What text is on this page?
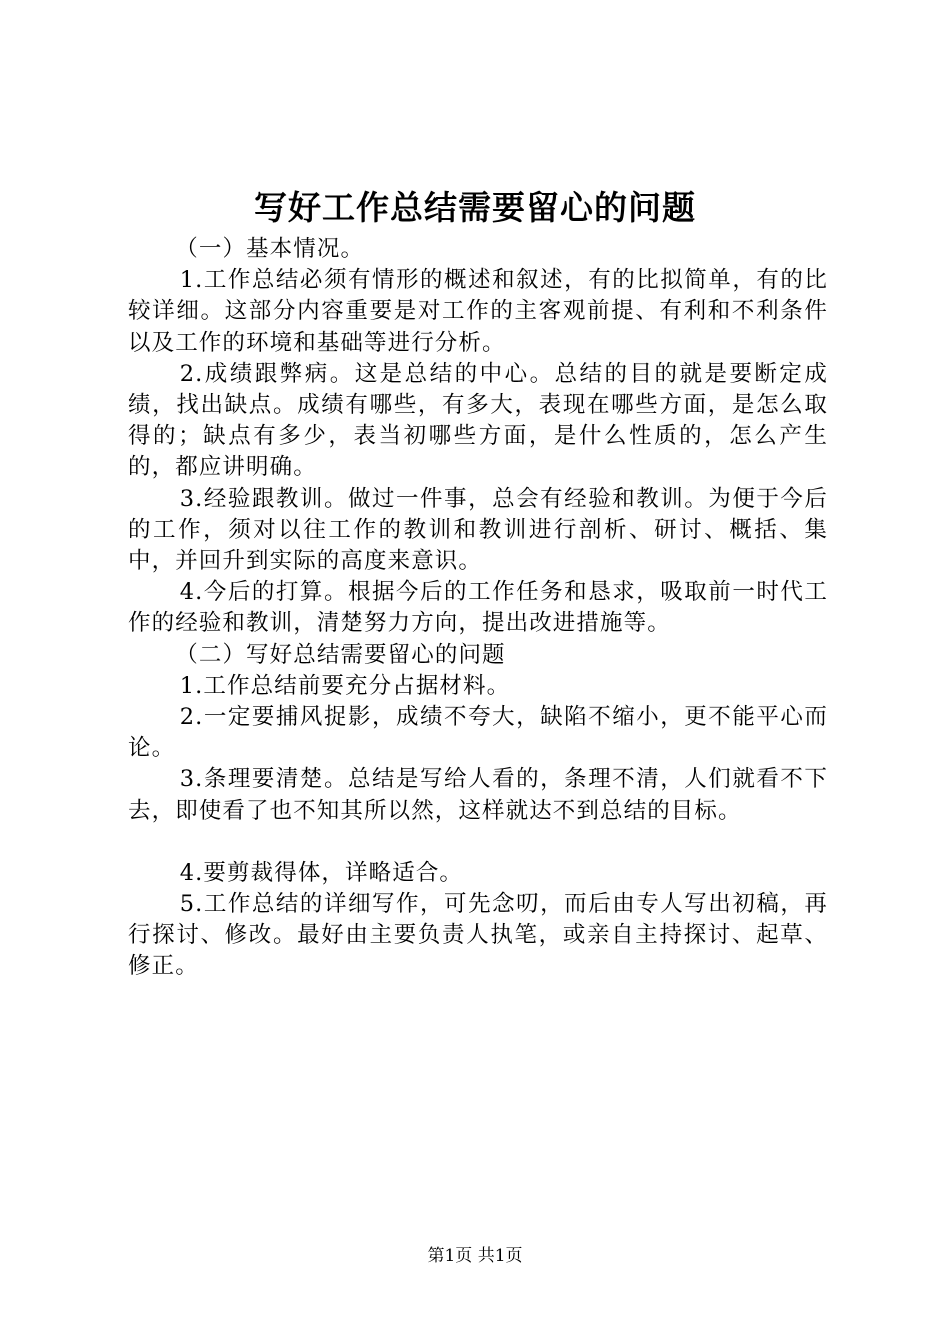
写好工作总结需要留心的问题

（一）基本情况。

1.工作总结必须有情形的概述和叙述，有的比拟简单，有的比较详细。这部分内容重要是对工作的主客观前提、有利和不利条件以及工作的环境和基础等进行分析。

2.成绩跟弊病。这是总结的中心。总结的目的就是要断定成绩，找出缺点。成绩有哪些，有多大，表现在哪些方面，是怎么取得的；缺点有多少，表当初哪些方面，是什么性质的，怎么产生的，都应讲明确。

3.经验跟教训。做过一件事，总会有经验和教训。为便于今后的工作，须对以往工作的教训和教训进行剖析、研讨、概括、集中，并回升到实际的高度来意识。

4.今后的打算。根据今后的工作任务和恳求，吸取前一时代工作的经验和教训，清楚努力方向，提出改进措施等。

（二）写好总结需要留心的问题

1.工作总结前要充分占据材料。

2.一定要捕风捉影，成绩不夸大，缺陷不缩小，更不能平心而论。

3.条理要清楚。总结是写给人看的，条理不清，人们就看不下去，即使看了也不知其所以然，这样就达不到总结的目标。

4.要剪裁得体，详略适合。

5.工作总结的详细写作，可先念叨，而后由专人写出初稿，再行探讨、修改。最好由主要负责人执笔，或亲自主持探讨、起草、修正。

第1页 共1页
